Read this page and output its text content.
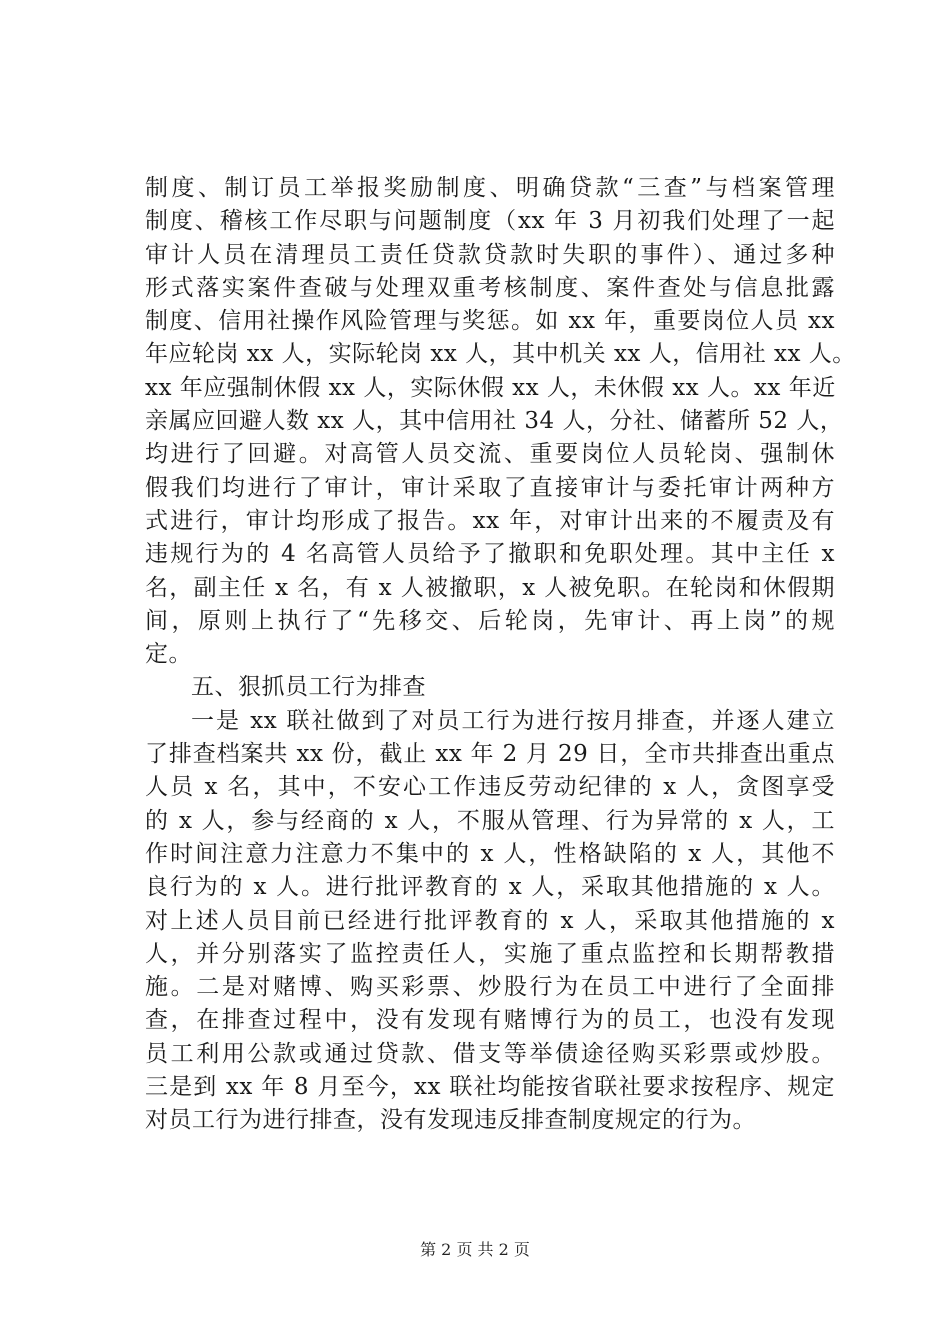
制度、制订员工举报奖励制度、明确贷款“三查”与档案管理
制度、稽核工作尽职与问题制度（xx 年 3 月初我们处理了一起
审计人员在清理员工责任贷款贷款时失职的事件）、通过多种
形式落实案件查破与处理双重考核制度、案件查处与信息批露
制度、信用社操作风险管理与奖惩。如 xx 年，重要岗位人员 xx
年应轮岗 xx 人，实际轮岗 xx 人，其中机关 xx 人，信用社 xx 人。
xx 年应强制休假 xx 人，实际休假 xx 人，未休假 xx 人。xx 年近
亲属应回避人数 xx 人，其中信用社 34 人，分社、储蓄所 52 人，
均进行了回避。对高管人员交流、重要岗位人员轮岗、强制休
假我们均进行了审计，审计采取了直接审计与委托审计两种方
式进行，审计均形成了报告。xx 年，对审计出来的不履责及有
违规行为的 4 名高管人员给予了撤职和免职处理。其中主任 x
名，副主任 x 名，有 x 人被撤职，x 人被免职。在轮岗和休假期
间，原则上执行了“先移交、后轮岗，先审计、再上岗”的规
定。
五、狠抓员工行为排查
一是 xx 联社做到了对员工行为进行按月排查，并逐人建立
了排查档案共 xx 份，截止 xx 年 2 月 29 日，全市共排查出重点
人员 x 名，其中，不安心工作违反劳动纪律的 x 人，贪图享受
的 x 人，参与经商的 x 人，不服从管理、行为异常的 x 人，工
作时间注意力注意力不集中的 x 人，性格缺陷的 x 人，其他不
良行为的 x 人。进行批评教育的 x 人，采取其他措施的 x 人。
对上述人员目前已经进行批评教育的 x 人，采取其他措施的 x
人，并分别落实了监控责任人，实施了重点监控和长期帮教措
施。二是对赌博、购买彩票、炒股行为在员工中进行了全面排
查，在排查过程中，没有发现有赌博行为的员工，也没有发现
员工利用公款或通过贷款、借支等举债途径购买彩票或炒股。
三是到 xx 年 8 月至今，xx 联社均能按省联社要求按程序、规定
对员工行为进行排查，没有发现违反排查制度规定的行为。
第 2 页 共 2 页
